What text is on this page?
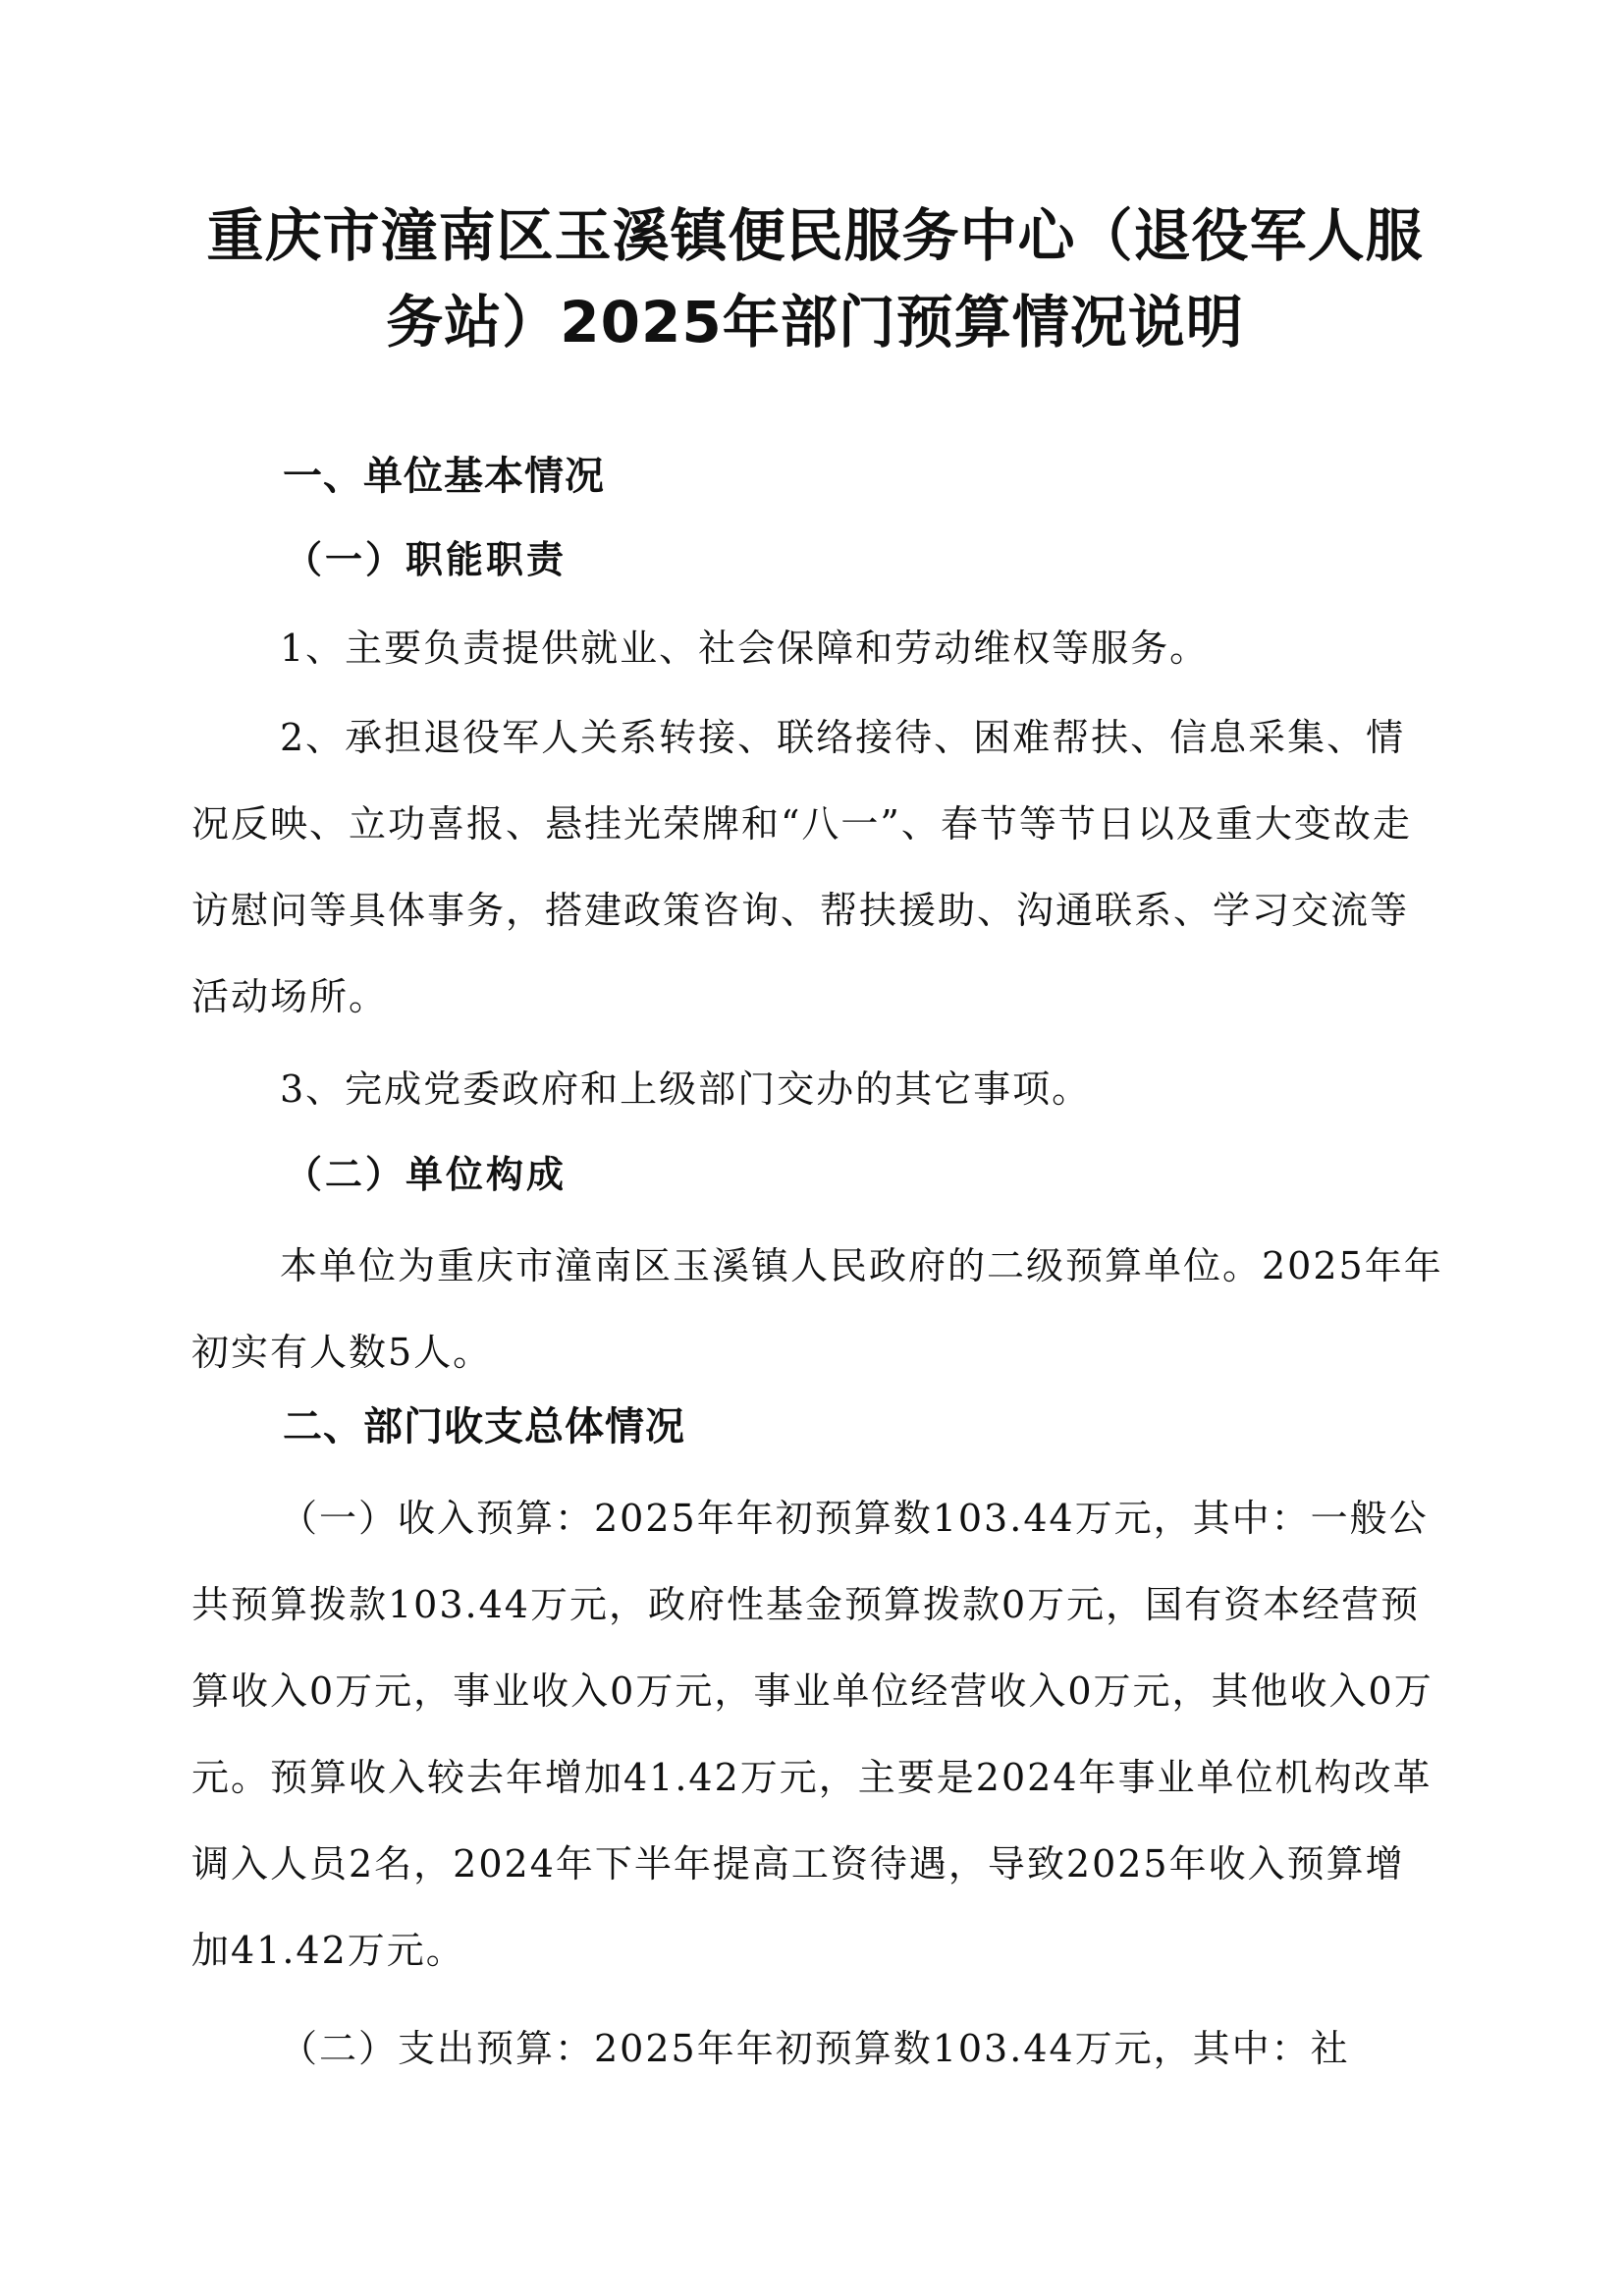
重庆市潼南区玉溪镇便民服务中心（退役军人服务站）2025年部门预算情况说明
一、单位基本情况
（一）职能职责

1、主要负责提供就业、社会保障和劳动维权等服务。

2、承担退役军人关系转接、联络接待、困难帮扶、信息采集、情况反映、立功喜报、悬挂光荣牌和“八一”、春节等节日以及重大变故走访慰问等具体事务，搭建政策咨询、帮扶援助、沟通联系、学习交流等活动场所。

3、完成党委政府和上级部门交办的其它事项。

（二）单位构成

本单位为重庆市潼南区玉溪镇人民政府的二级预算单位。2025年年初实有人数5人。

二、部门收支总体情况

（一）收入预算：2025年年初预算数103.44万元，其中：一般公共预算拨款103.44万元，政府性基金预算拨款0万元，国有资本经营预算收入0万元，事业收入0万元，事业单位经营收入0万元，其他收入0万元。预算收入较去年增加41.42万元，主要是2024年事业单位机构改革调入人员2名，2024年下半年提高工资待遇，导致2025年收入预算增加41.42万元。

（二）支出预算：2025年年初预算数103.44万元，其中：社
